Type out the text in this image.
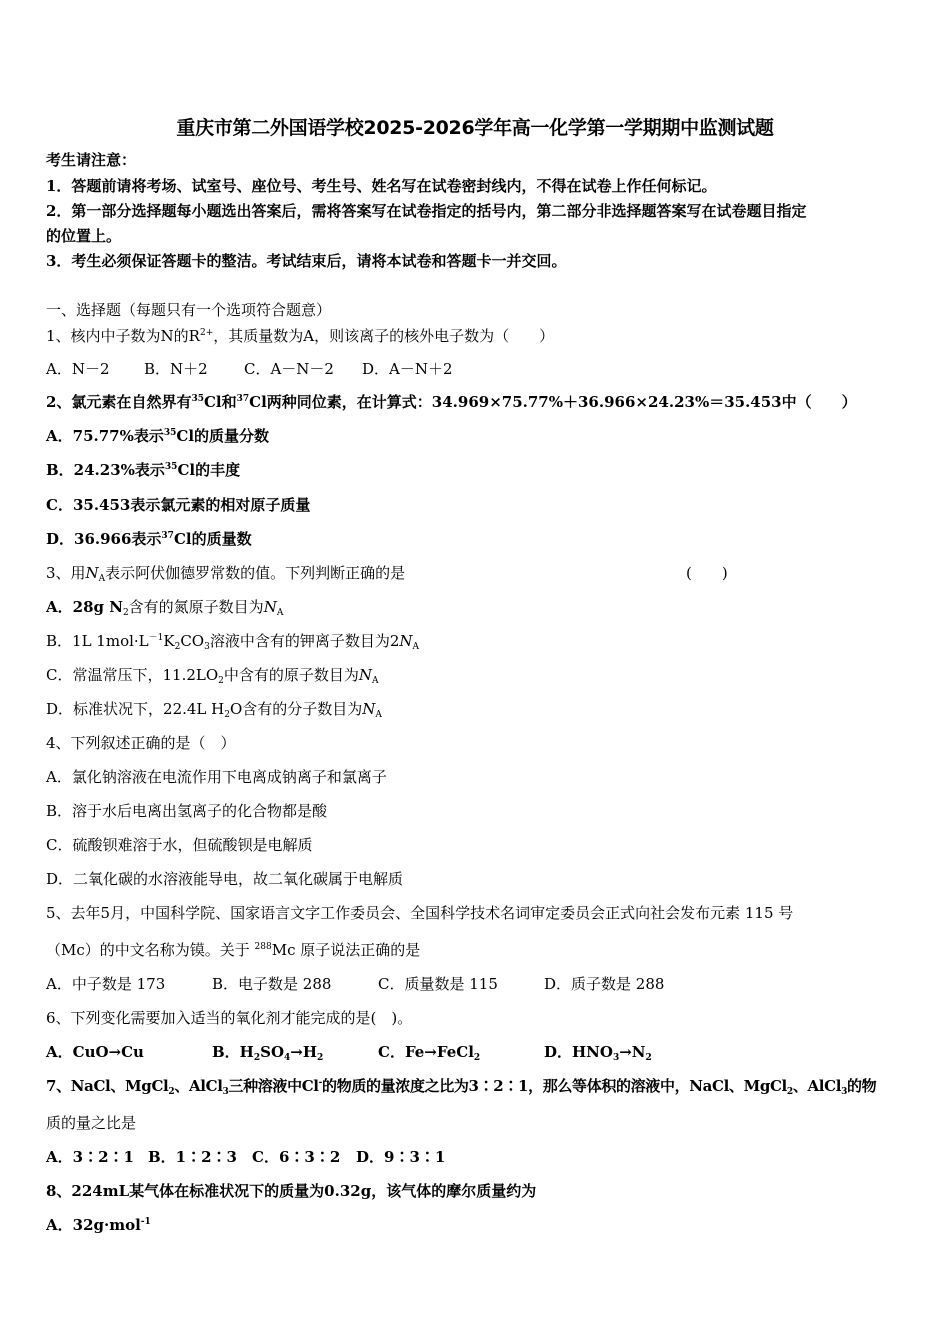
重庆市第二外国语学校2025-2026学年高一化学第一学期期中监测试题
考生请注意：
1．答题前请将考场、试室号、座位号、考生号、姓名写在试卷密封线内，不得在试卷上作任何标记。
2．第一部分选择题每小题选出答案后，需将答案写在试卷指定的括号内，第二部分非选择题答案写在试卷题目指定
的位置上。
3．考生必须保证答题卡的整洁。考试结束后，请将本试卷和答题卡一并交回。
一、选择题（每题只有一个选项符合题意）
1、核内中子数为N的$R^{2+}$，其质量数为A，则该离子的核外电子数为（　　）
A．N－2 B．N＋2 C．A－N－2 D．A－N＋2
2、氯元素在自然界有$^{35}$Cl和$^{37}$Cl两种同位素，在计算式：34.969×75.77%＋36.966×24.23%＝35.453中（　　）
A．75.77%表示$^{35}$Cl的质量分数
B．24.23%表示$^{35}$Cl的丰度
C．35.453表示氯元素的相对原子质量
D．36.966表示$^{37}$Cl的质量数
3、用$N_A$表示阿伏伽德罗常数的值。下列判断正确的是	(　　)
A．28g $N_2$含有的氮原子数目为$N_A$
B．1L $1mol\cdot L^{-1}K_2CO_3$溶液中含有的钾离子数目为$2N_A$
C．常温常压下，$11.2LO_2$中含有的原子数目为$N_A$
D．标准状况下，22.4L $H_2O$含有的分子数目为$N_A$
4、下列叙述正确的是（　）
A．氯化钠溶液在电流作用下电离成钠离子和氯离子
B．溶于水后电离出氢离子的化合物都是酸
C．硫酸钡难溶于水，但硫酸钡是电解质
D．二氧化碳的水溶液能导电，故二氧化碳属于电解质
5、去年5月，中国科学院、国家语言文字工作委员会、全国科学技术名词审定委员会正式向社会发布元素 115 号
（Mc）的中文名称为镆。关于 $^{288}$Mc 原子说法正确的是
A．中子数是 173	B．电子数是 288	C．质量数是 115	D．质子数是 288
6、下列变化需要加入适当的氧化剂才能完成的是(　)。
A．CuO→Cu	B．$H_2SO_4\to H_2$	C．Fe→FeCl$_2$	D．$HNO_3\to N_2$
7、NaCl、MgCl$_2$、AlCl$_3$三种溶液中Cl-的物质的量浓度之比为3∶2∶1，那么等体积的溶液中，NaCl、MgCl$_2$、AlCl$_3$的物
质的量之比是
A．3∶2∶1 B．1∶2∶3 C．6∶3∶2 D．9∶3∶1
8、224mL某气体在标准状况下的质量为0.32g，该气体的摩尔质量约为
A．32g·mol$^{-1}$
